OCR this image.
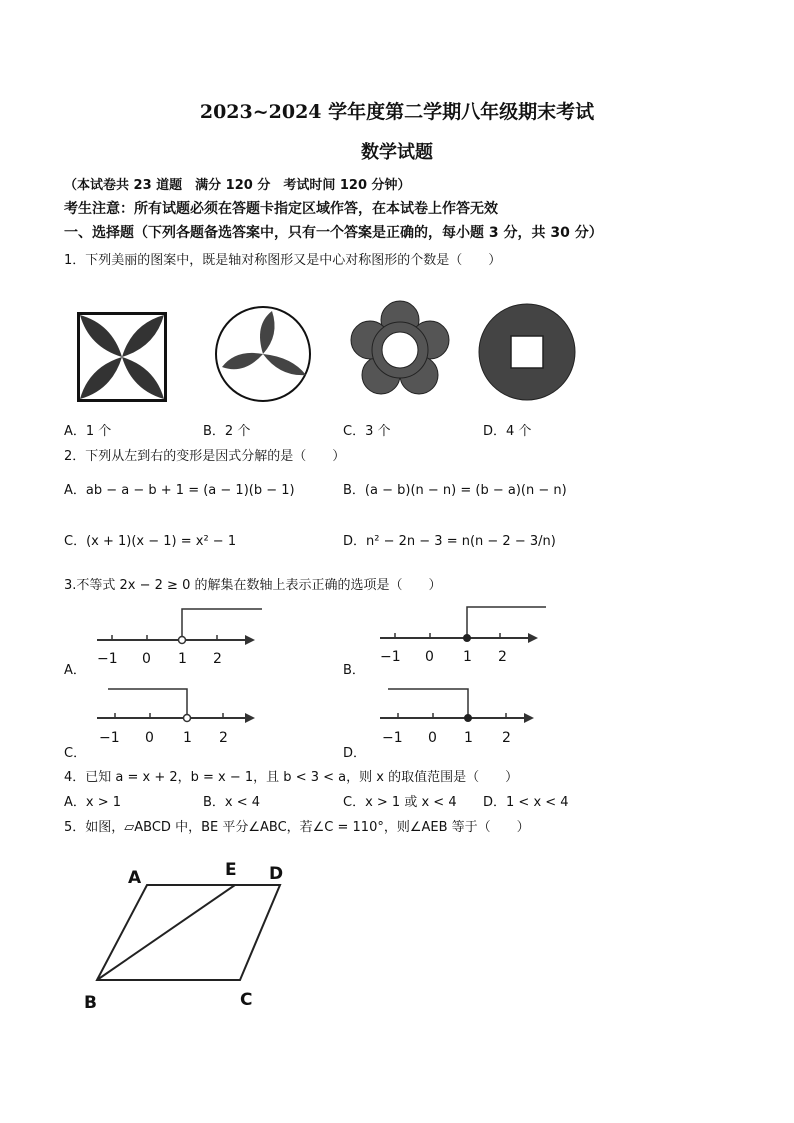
2023~2024 学年度第二学期八年级期末考试
数学试题
（本试卷共 23 道题　满分 120 分　考试时间 120 分钟）
考生注意：所有试题必须在答题卡指定区域作答，在本试卷上作答无效
一、选择题（下列各题备选答案中，只有一个答案是正确的，每小题 3 分，共 30 分）
1．下列美丽的图案中，既是轴对称图形又是中心对称图形的个数是（　　）
A．1 个	B．2 个	C．3 个	D．4 个
2．下列从左到右的变形是因式分解的是（　　）
A．ab − a − b + 1 = (a − 1)(b − 1)	B．(a − b)(n − n) = (b − a)(n − n)
C．(x + 1)(x − 1) = x² − 1	D．n² − 2n − 3 = n(n − 2 − 3/n)
3.不等式 2x − 2 ≥ 0 的解集在数轴上表示正确的选项是（　　）
A．
−1 0 1 2
B．
−1 0 1 2
C．
−1 0 1 2
D．
−1 0 1 2
4．已知 a = x + 2，b = x − 1，且 b < 3 < a，则 x 的取值范围是（　　）
A．x > 1	B．x < 4	C．x > 1 或 x < 4 D．1 < x < 4
5．如图，▱ABCD 中，BE 平分∠ABC，若∠C = 110°，则∠AEB 等于（　　）
A	E D
B	C
